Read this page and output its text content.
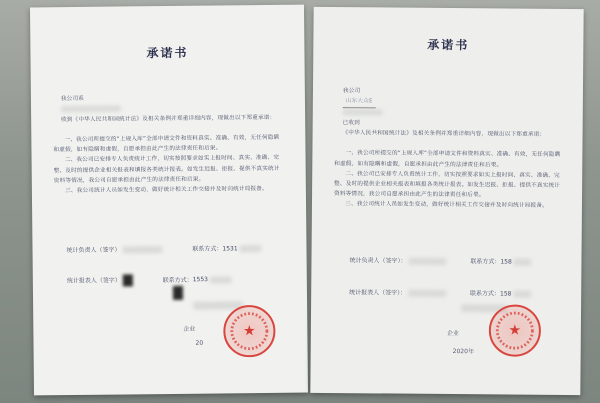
承诺书

我公司系

收到《中华人民共和国统计法》及相关条例并郑重详细内容，现做出以下郑重承诺：

一、我公司所提交的“上规入库”全部申请文件和资料真实、准确、有效，无任何隐瞒和虚假，如有隐瞒和虚假，自愿承担由此产生的法律责任和后果。
二、我公司已安排专人负责统计工作，切实按照要求如实上报时间、真实、准确、完整、及时的提供企业相关报表和填报各类统计报表。如发生迟报、拒报、提供不真实统计资料等情况，我公司自愿承担由此产生的法律责任和后果。
三、我公司统计人员如发生变动，做好统计相关工作交接并及时向统计局报备。
统计负责人（签字）	联系方式：1531
统计报表人（签字）	联系方式：1553
企业
20
★
承诺书

我公司
山东大众E

已收到
《中华人民共和国统计法》及相关条例并郑重详细内容，现做出以下郑重承诺：

一、我公司所提交的“上规入库”全部申请文件和资料真实、准确、有效，无任何隐瞒和虚假，如有隐瞒和虚假，自愿承担由此产生的法律责任和后果。
二、我公司已安排专人负责统计工作，切实按照要求如实上报时间、真实、准确、完整、及时的提供企业相关报表和填报各类统计报表。如发生迟报、拒报、提供不真实统计资料等情况，我公司自愿承担由此产生的法律责任和后果。
三、我公司统计人员如发生变动，做好统计相关工作交接并及时向统计局报备。
统计负责人（签字）：	联系方式：158
统计报表人（签字）：	联系方式：158
企业
2020年
★
